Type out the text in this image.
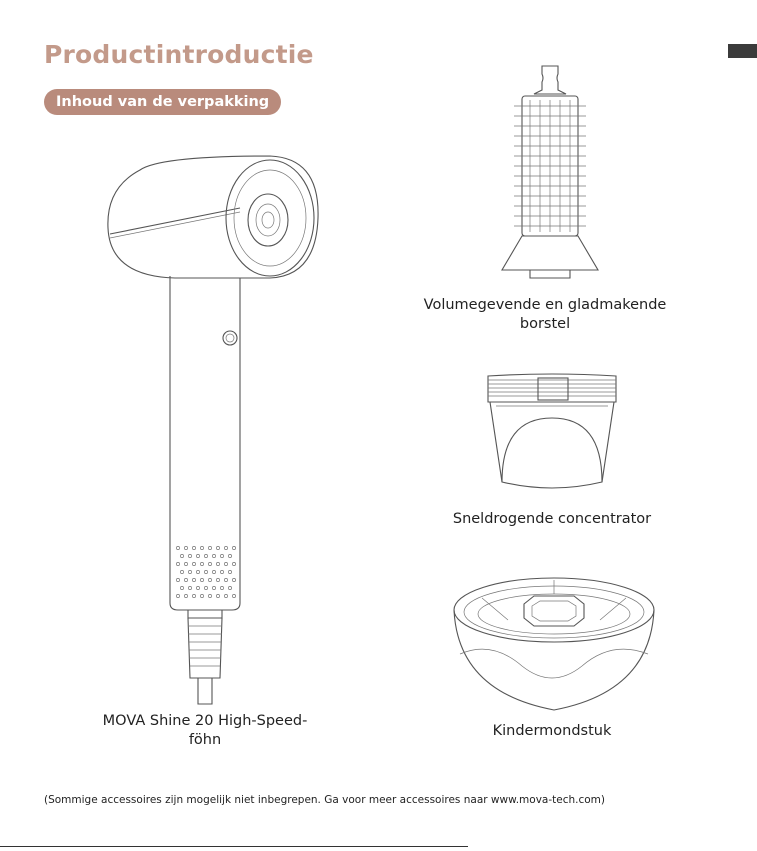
Productintroductie
Inhoud van de verpakking
MOVA Shine 20 High-Speed-
föhn
Volumegevende en gladmakende
borstel
Sneldrogende concentrator
Kindermondstuk
(Sommige accessoires zijn mogelijk niet inbegrepen. Ga voor meer accessoires naar www.mova-tech.com)
